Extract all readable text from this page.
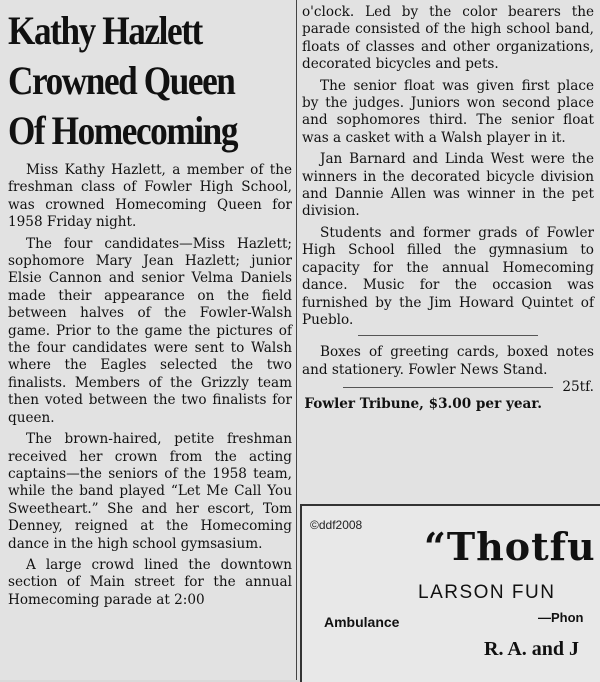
Kathy Hazlett
Crowned Queen
Of Homecoming

Miss Kathy Hazlett, a member of the freshman class of Fowler High School, was crowned Homecoming Queen for 1958 Friday night.

The four candidates—Miss Hazlett; sophomore Mary Jean Hazlett; junior Elsie Cannon and senior Velma Daniels made their appearance on the field between halves of the Fowler-Walsh game. Prior to the game the pictures of the four candidates were sent to Walsh where the Eagles selected the two finalists. Members of the Grizzly team then voted between the two finalists for queen.

The brown-haired, petite freshman received her crown from the acting captains—the seniors of the 1958 team, while the band played “Let Me Call You Sweetheart.” She and her escort, Tom Denney, reigned at the Homecoming dance in the high school gymsasium.

A large crowd lined the downtown section of Main street for the annual Homecoming parade at 2:00

o'clock. Led by the color bearers the parade consisted of the high school band, floats of classes and other organizations, decorated bicycles and pets.

The senior float was given first place by the judges. Juniors won second place and sophomores third. The senior float was a casket with a Walsh player in it.

Jan Barnard and Linda West were the winners in the decorated bicycle division and Dannie Allen was winner in the pet division.

Students and former grads of Fowler High School filled the gymnasium to capacity for the annual Homecoming dance. Music for the occasion was furnished by the Jim Howard Quintet of Pueblo.

Boxes of greeting cards, boxed notes and stationery. Fowler News Stand.
25tf.

Fowler Tribune, $3.00 per year.
©ddf2008 “Thotfu
LARSON FUN
Ambulance	—Phon
R. A. and J
